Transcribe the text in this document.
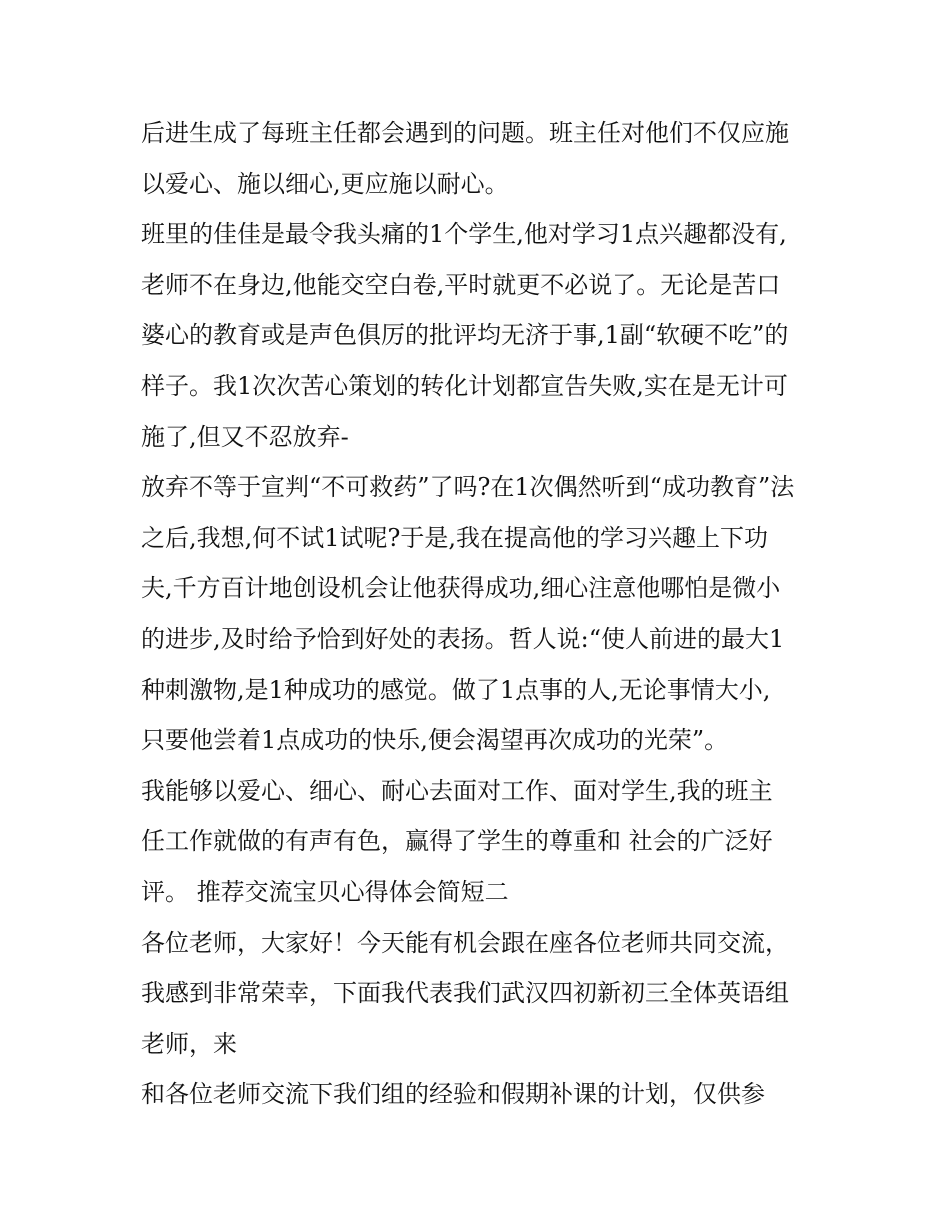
后进生成了每班主任都会遇到的问题。班主任对他们不仅应施
以爱心、施以细心,更应施以耐心。
班里的佳佳是最令我头痛的1个学生,他对学习1点兴趣都没有,
老师不在身边,他能交空白卷,平时就更不必说了。无论是苦口
婆心的教育或是声色俱厉的批评均无济于事,1副“软硬不吃”的
样子。我1次次苦心策划的转化计划都宣告失败,实在是无计可
施了,但又不忍放弃-
放弃不等于宣判“不可救药”了吗?在1次偶然听到“成功教育”法
之后,我想,何不试1试呢?于是,我在提高他的学习兴趣上下功
夫,千方百计地创设机会让他获得成功,细心注意他哪怕是微小
的进步,及时给予恰到好处的表扬。哲人说:“使人前进的最大1
种刺激物,是1种成功的感觉。做了1点事的人,无论事情大小,
只要他尝着1点成功的快乐,便会渴望再次成功的光荣”。
我能够以爱心、细心、耐心去面对工作、面对学生,我的班主
任工作就做的有声有色，赢得了学生的尊重和 社会的广泛好
评。 推荐交流宝贝心得体会简短二
各位老师，大家好！今天能有机会跟在座各位老师共同交流，
我感到非常荣幸，下面我代表我们武汉四初新初三全体英语组
老师，来
和各位老师交流下我们组的经验和假期补课的计划，仅供参
